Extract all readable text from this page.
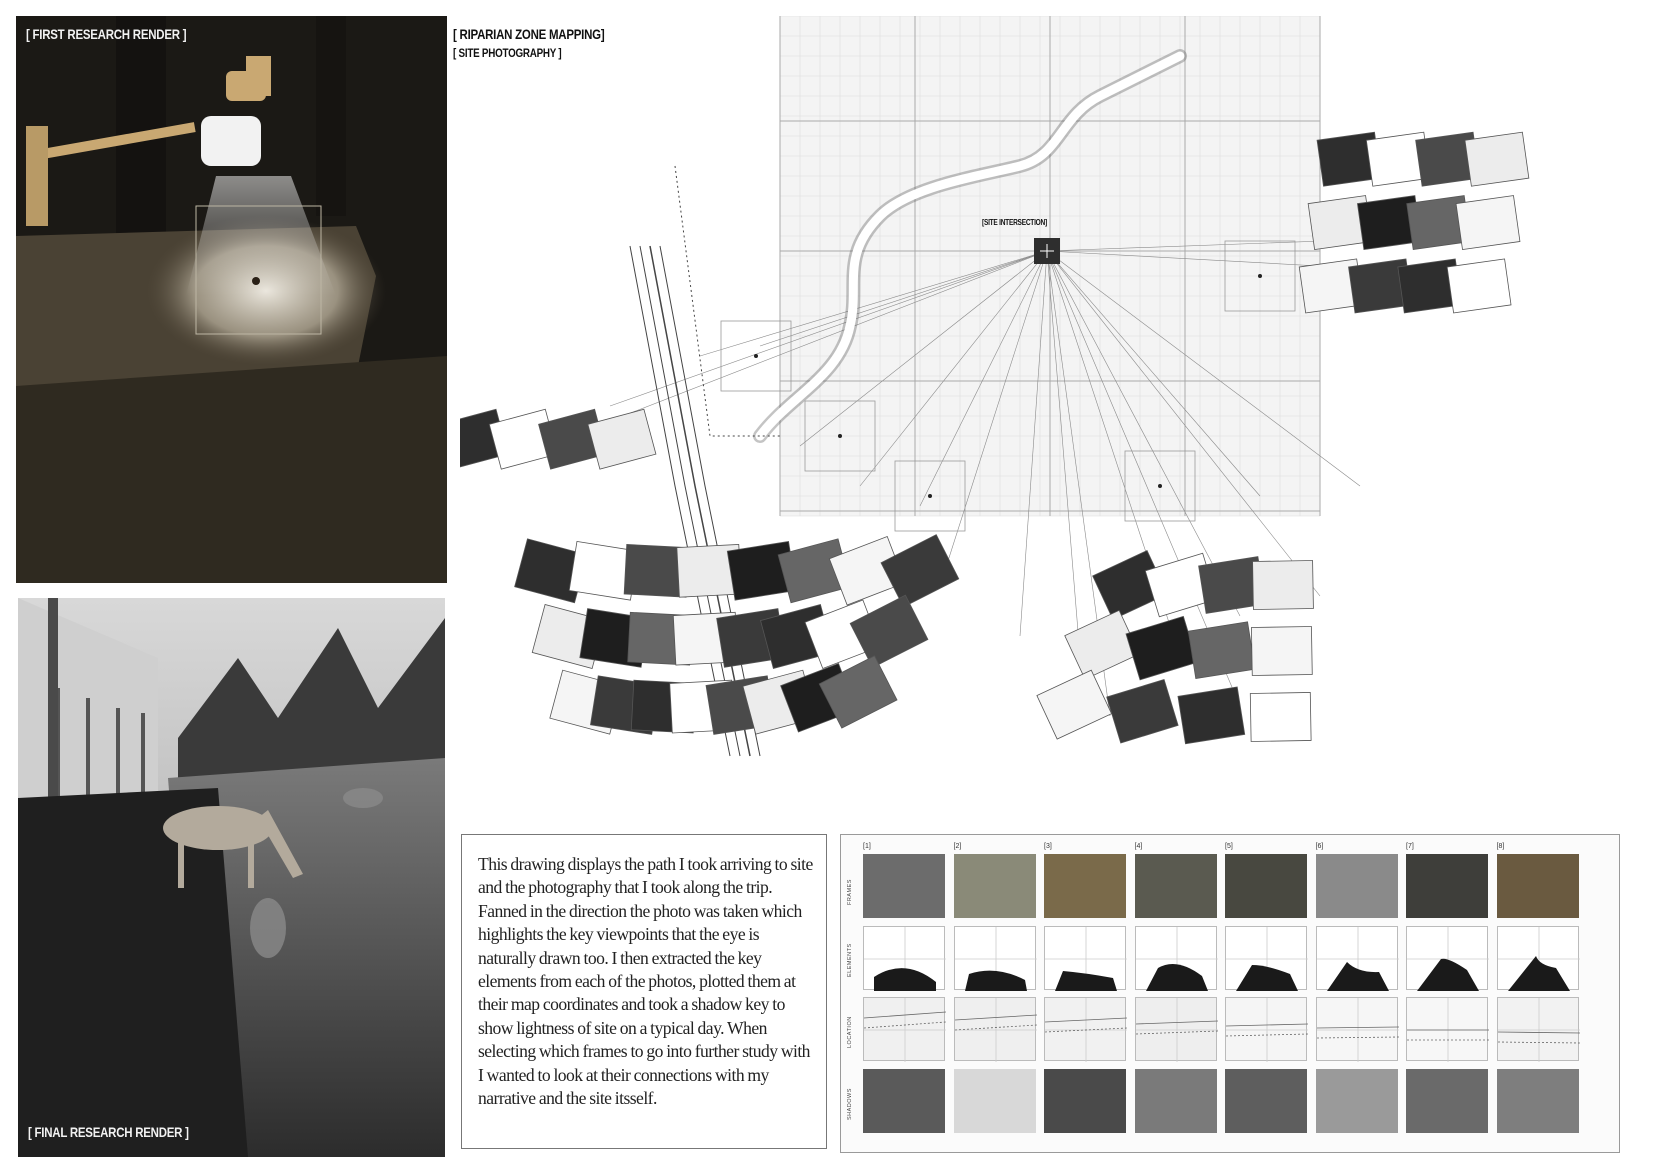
[ FIRST RESEARCH RENDER ]
[ FINAL RESEARCH RENDER ]
[ RIPARIAN ZONE MAPPING]
[ SITE PHOTOGRAPHY ]
[SITE INTERSECTION]
This drawing displays the path I took arriving to site and the photography that I took along the trip. Fanned in the direction the photo was taken which highlights the key viewpoints that the eye is naturally drawn too. I then extracted the key elements from each of the photos, plotted them at their map coordinates and took a shadow key to show lightness of site on a typical day. When selecting which frames to go into further study with I wanted to look at their connections with my narrative and the site itsself.
[1]	[2]	[3]	[4]	[5]	[6]	[7]	[8]
FRAMES
ELEMENTS
LOCATION
SHADOWS
